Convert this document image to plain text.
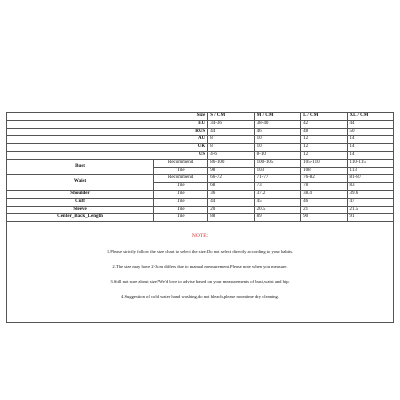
Size		S / CM	M / CM	L / CM	XL / CM
EU		34-36	38-40	42	44
RUS		44	46	48	50
AU		8	10	12	14
UK		8	10	12	14
US		4-6	8-10	12	14
Bust	Recommend	86-100	100-105	105-110	110-115
	Tile	98	103	108	113
Waist	Recommend	66-72	71-77	76-82	81-87
	Tile	68	73	78	83
Shoulder	Tile	36	37.2	38.4	39.6
Cuff	Tile	44	45	46	47
Sleeve	Tile	20	20.5	21	21.5
Center_Back_Length	Tile	88	89	90	91
NOTE:
1.Please strictly follow the size chart to select the size.Do not select directly according to your habits.
2.The size may have 2-3cm differs due to manual measurement.Please note when you measure.
3.Still not sure about size?We'd love to advise based on your measurements of bust,waist and hip.
4.Suggestion of cold water hand washing,do not bleach,please noontime dry cleaning.
